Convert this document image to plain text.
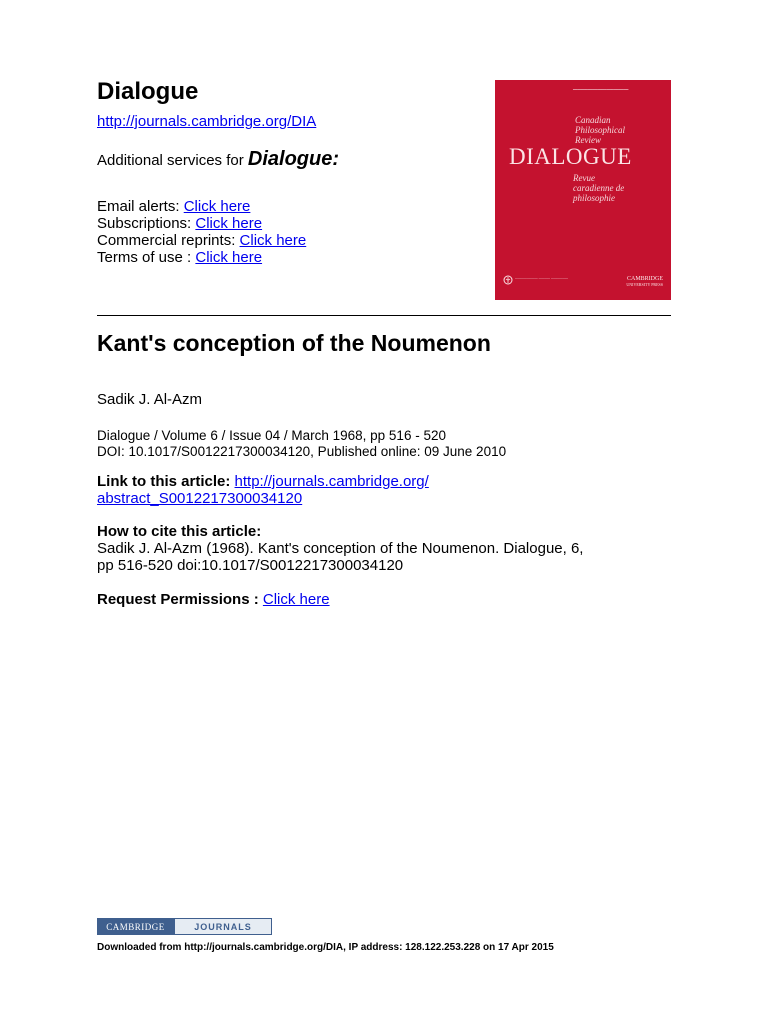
Dialogue
http://journals.cambridge.org/DIA
Additional services for Dialogue:
Email alerts: Click here
Subscriptions: Click here
Commercial reprints: Click here
Terms of use : Click here
━━━━━━━━━━━━━━━━━━━━━━━
Canadian
Philosophical
Review
DIALOGUE
Revue
caradienne de
philosophie
──────── ──── ──────	CAMBRIDGE
UNIVERSITY PRESS
Kant's conception of the Noumenon
Sadik J. Al-Azm
Dialogue / Volume 6 / Issue 04 / March 1968, pp 516 - 520
DOI: 10.1017/S0012217300034120, Published online: 09 June 2010
Link to this article: http://journals.cambridge.org/
abstract_S0012217300034120
How to cite this article:
Sadik J. Al-Azm (1968). Kant's conception of the Noumenon. Dialogue, 6,
pp 516-520 doi:10.1017/S0012217300034120
Request Permissions : Click here
CAMBRIDGE	JOURNALS
Downloaded from http://journals.cambridge.org/DIA, IP address: 128.122.253.228 on 17 Apr 2015
